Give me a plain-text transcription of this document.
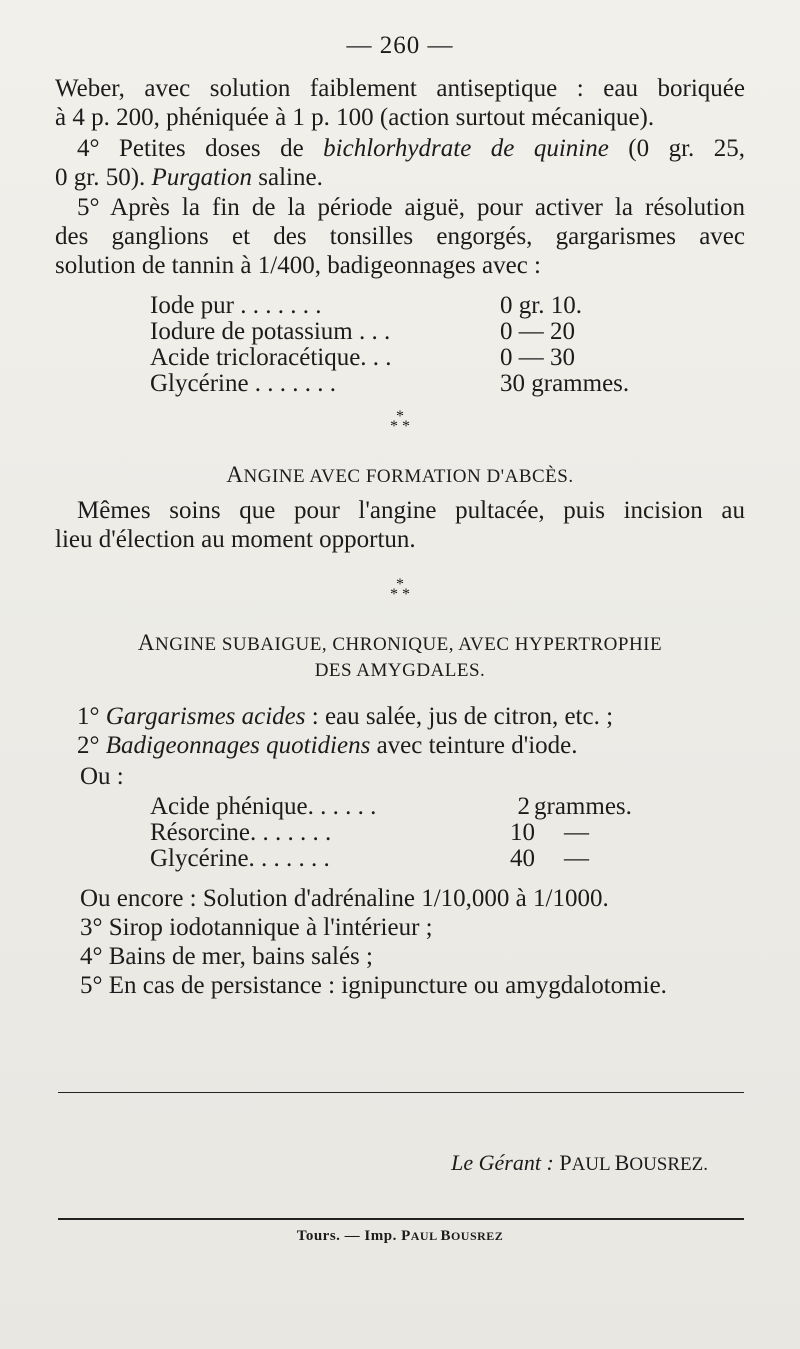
— 260 —
Weber, avec solution faiblement antiseptique : eau boriquée
à 4 p. 200, phéniquée à 1 p. 100 (action surtout mécanique).
4° Petites doses de bichlorhydrate de quinine (0 gr. 25,
0 gr. 50). Purgation saline.
5° Après la fin de la période aiguë, pour activer la résolution
des ganglions et des tonsilles engorgés, gargarismes avec
solution de tannin à 1/400, badigeonnages avec :
Iode pur . . . . . . .	0 gr. 10.
Iodure de potassium . . .	0 — 20
Acide tricloracétique. . .	0 — 30
Glycérine . . . . . . .	30 grammes.
*
* *
ANGINE AVEC FORMATION D'ABCÈS.
Mêmes soins que pour l'angine pultacée, puis incision au
lieu d'élection au moment opportun.
*
* *
ANGINE SUBAIGUE, CHRONIQUE, AVEC HYPERTROPHIE
DES AMYGDALES.
1° Gargarismes acides : eau salée, jus de citron, etc. ;
2° Badigeonnages quotidiens avec teinture d'iode.
Ou :
Acide phénique. . . . . .	2 grammes.
Résorcine. . . . . . .	10	—
Glycérine. . . . . . .	40	—
Ou encore : Solution d'adrénaline 1/10,000 à 1/1000.
3° Sirop iodotannique à l'intérieur ;
4° Bains de mer, bains salés ;
5° En cas de persistance : ignipuncture ou amygdalotomie.
Le Gérant : PAUL BOUSREZ.
Tours. — Imp. PAUL BOUSREZ
